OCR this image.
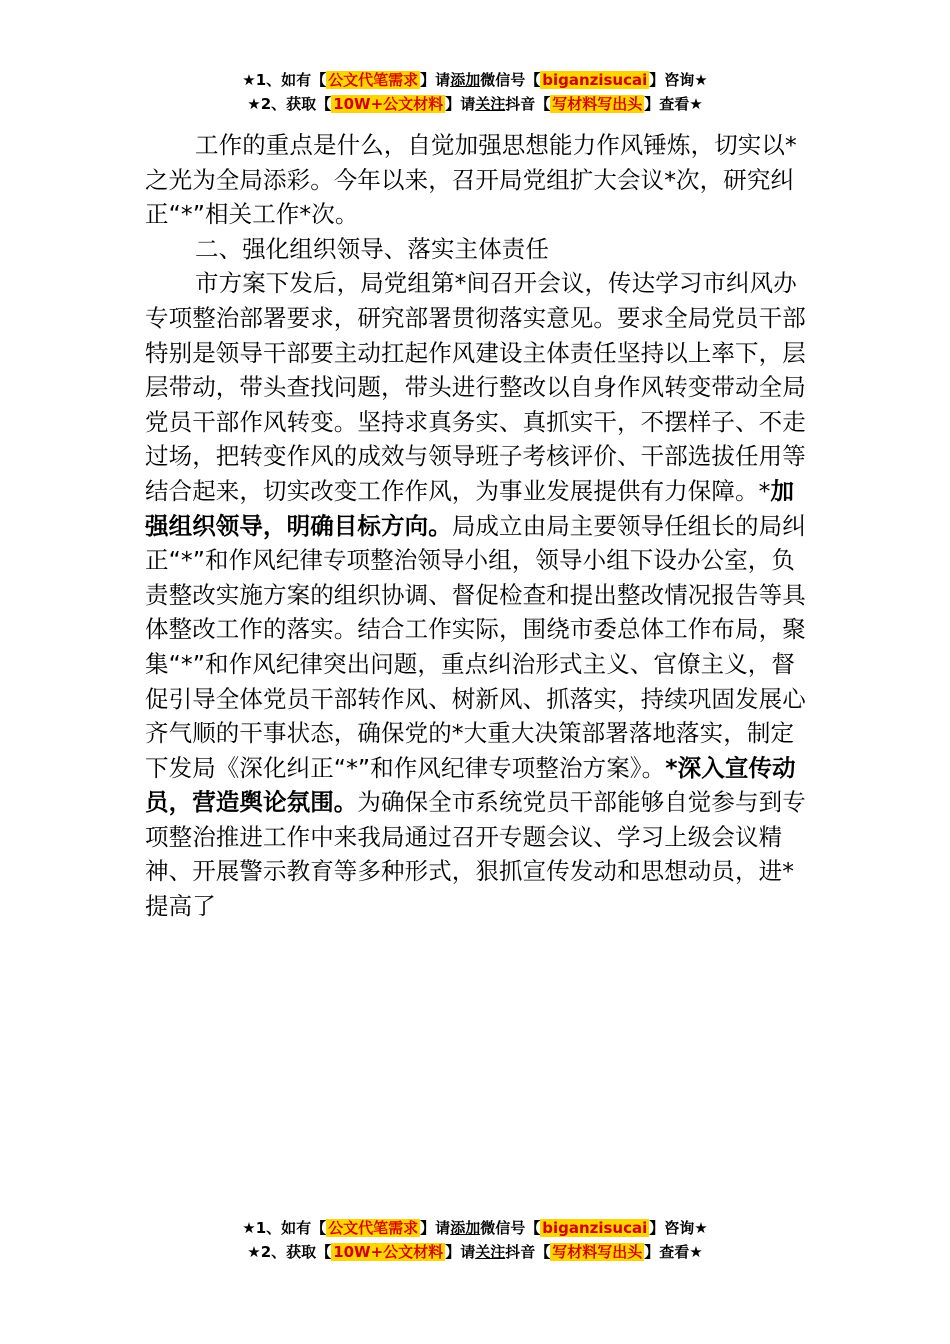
★1、如有【 公文代笔需求 】请添加微信号【 biganzisucai 】咨询★
★2、获取【 10W+公文材料 】请关注抖音【 写材料写出头 】查看★

工作的重点是什么，自觉加强思想能力作风锤炼，切实以*之光为全局添彩。今年以来，召开局党组扩大会议*次，研究纠正“*”相关工作*次。

二、强化组织领导、落实主体责任

市方案下发后，局党组第*间召开会议，传达学习市纠风办专项整治部署要求，研究部署贯彻落实意见。要求全局党员干部特别是领导干部要主动扛起作风建设主体责任坚持以上率下，层层带动，带头查找问题，带头进行整改以自身作风转变带动全局党员干部作风转变。坚持求真务实、真抓实干，不摆样子、不走过场，把转变作风的成效与领导班子考核评价、干部选拔任用等结合起来，切实改变工作作风，为事业发展提供有力保障。*加强组织领导，明确目标方向。局成立由局主要领导任组长的局纠正“*”和作风纪律专项整治领导小组，领导小组下设办公室，负责整改实施方案的组织协调、督促检查和提出整改情况报告等具体整改工作的落实。结合工作实际，围绕市委总体工作布局，聚集“*”和作风纪律突出问题，重点纠治形式主义、官僚主义，督促引导全体党员干部转作风、树新风、抓落实，持续巩固发展心齐气顺的干事状态，确保党的*大重大决策部署落地落实，制定下发局《深化纠正“*”和作风纪律专项整治方案》。*深入宣传动员，营造舆论氛围。为确保全市系统党员干部能够自觉参与到专项整治推进工作中来我局通过召开专题会议、学习上级会议精神、开展警示教育等多种形式，狠抓宣传发动和思想动员，进*提高了

★1、如有【 公文代笔需求 】请添加微信号【 biganzisucai 】咨询★
★2、获取【 10W+公文材料 】请关注抖音【 写材料写出头 】查看★
